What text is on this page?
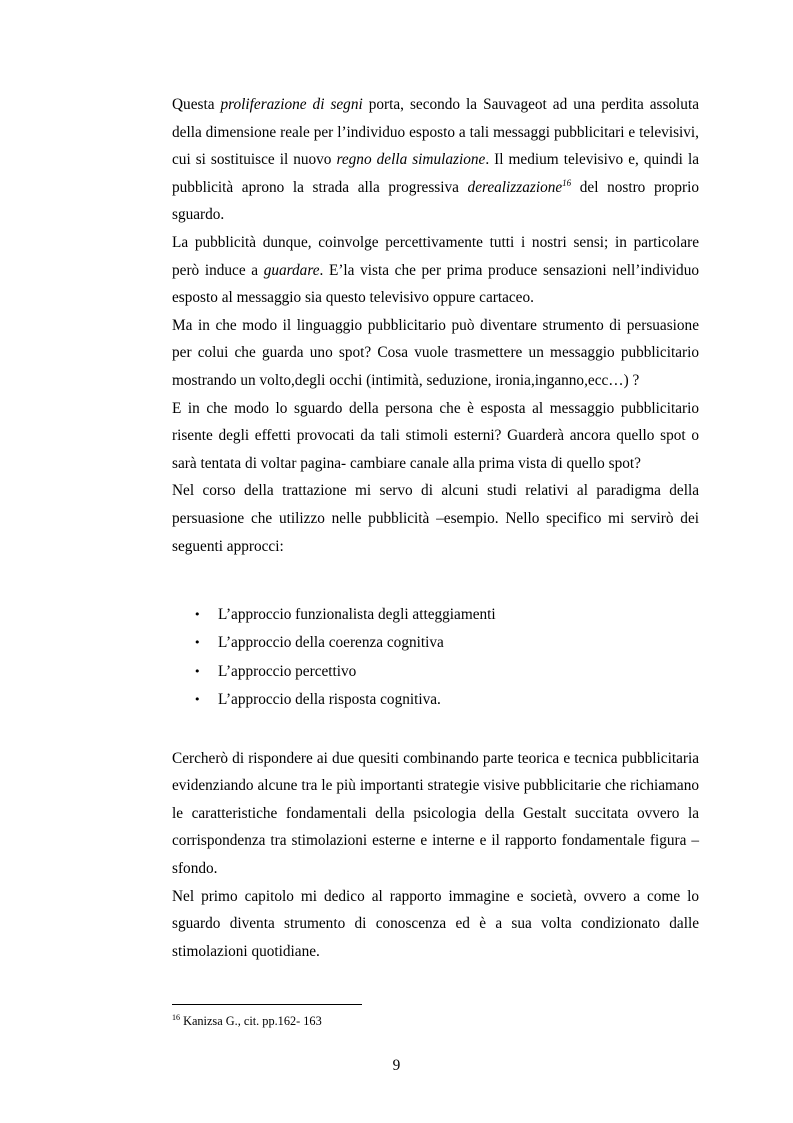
Questa proliferazione di segni porta, secondo la Sauvageot ad una perdita assoluta della dimensione reale per l’individuo esposto a tali messaggi pubblicitari e televisivi, cui si sostituisce il nuovo regno della simulazione. Il medium televisivo e, quindi la pubblicità aprono la strada alla progressiva derealizzazione$^{16}$ del nostro proprio sguardo.

La pubblicità dunque, coinvolge percettivamente tutti i nostri sensi; in particolare però induce a guardare. E’la vista che per prima produce sensazioni nell’individuo esposto al messaggio sia questo televisivo oppure cartaceo.

Ma in che modo il linguaggio pubblicitario può diventare strumento di persuasione per colui che guarda uno spot? Cosa vuole trasmettere un messaggio pubblicitario mostrando un volto,degli occhi (intimità, seduzione, ironia,inganno,ecc…) ?

E in che modo lo sguardo della persona che è esposta al messaggio pubblicitario risente degli effetti provocati da tali stimoli esterni? Guarderà ancora quello spot o sarà tentata di voltar pagina- cambiare canale alla prima vista di quello spot?

Nel corso della trattazione mi servo di alcuni studi relativi al paradigma della persuasione che utilizzo nelle pubblicità –esempio. Nello specifico mi servirò dei seguenti approcci:

• L’approccio funzionalista degli atteggiamenti
• L’approccio della coerenza cognitiva
• L’approccio percettivo
• L’approccio della risposta cognitiva.

Cercherò di rispondere ai due quesiti combinando parte teorica e tecnica pubblicitaria evidenziando alcune tra le più importanti strategie visive pubblicitarie che richiamano le caratteristiche fondamentali della psicologia della Gestalt succitata ovvero la corrispondenza tra stimolazioni esterne e interne e il rapporto fondamentale figura –sfondo.

Nel primo capitolo mi dedico al rapporto immagine e società, ovvero a come lo sguardo diventa strumento di conoscenza ed è a sua volta condizionato dalle stimolazioni quotidiane.

$^{16}$ Kanizsa G., cit. pp.162- 163
9
